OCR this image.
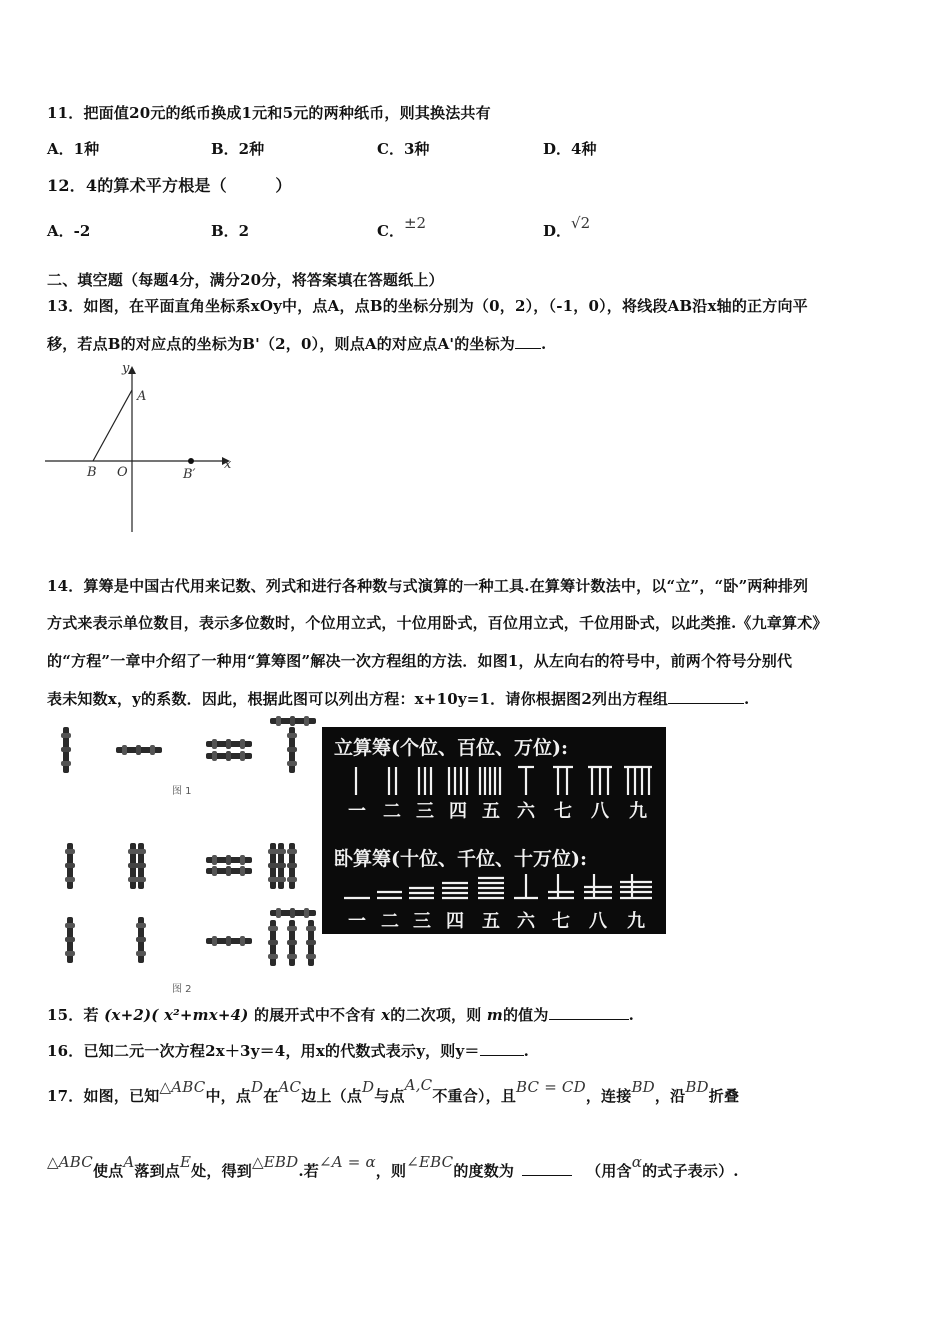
11．把面值20元的纸币换成1元和5元的两种纸币，则其换法共有
A．1种	B．2种	C．3种	D．4种
12．4的算术平方根是（　　　）
A．-2	B．2	C．±2	D．√2
二、填空题（每题4分，满分20分，将答案填在答题纸上）
13．如图，在平面直角坐标系xOy中，点A，点B的坐标分别为（0，2），（-1，0），将线段AB沿x轴的正方向平
移，若点B的对应点的坐标为B'（2，0），则点A的对应点A'的坐标为 .
y
x
A
B O	B′
14．算筹是中国古代用来记数、列式和进行各种数与式演算的一种工具.在算筹计数法中，以“立”，“卧”两种排列
方式来表示单位数目，表示多位数时，个位用立式，十位用卧式，百位用立式，千位用卧式，以此类推.《九章算术》
的“方程”一章中介绍了一种用“算筹图”解决一次方程组的方法．如图1，从左向右的符号中，前两个符号分别代
表未知数x，y的系数．因此，根据此图可以列出方程：x+10y=1．请你根据图2列出方程组	.
图 1
图 2
立算筹(个位、百位、万位):
一 二 三 四 五 六	七	八	九
卧算筹(十位、千位、十万位):
一 二 三 四	五 六 七	八	九
15．若 (x+2)( x²+mx+4) 的展开式中不含有 x的二次项，则 m的值为	.
16．已知二元一次方程2x＋3y＝4，用x的代数式表示y，则y＝	.
17．如图，已知△ABC中，点D在AC边上（点D与点A,C不重合），且BC = CD，连接BD，沿BD折叠
△ABC使点A落到点E处，得到△EBD.若∠A = α，则∠EBC的度数为	（用含α的式子表示）.
